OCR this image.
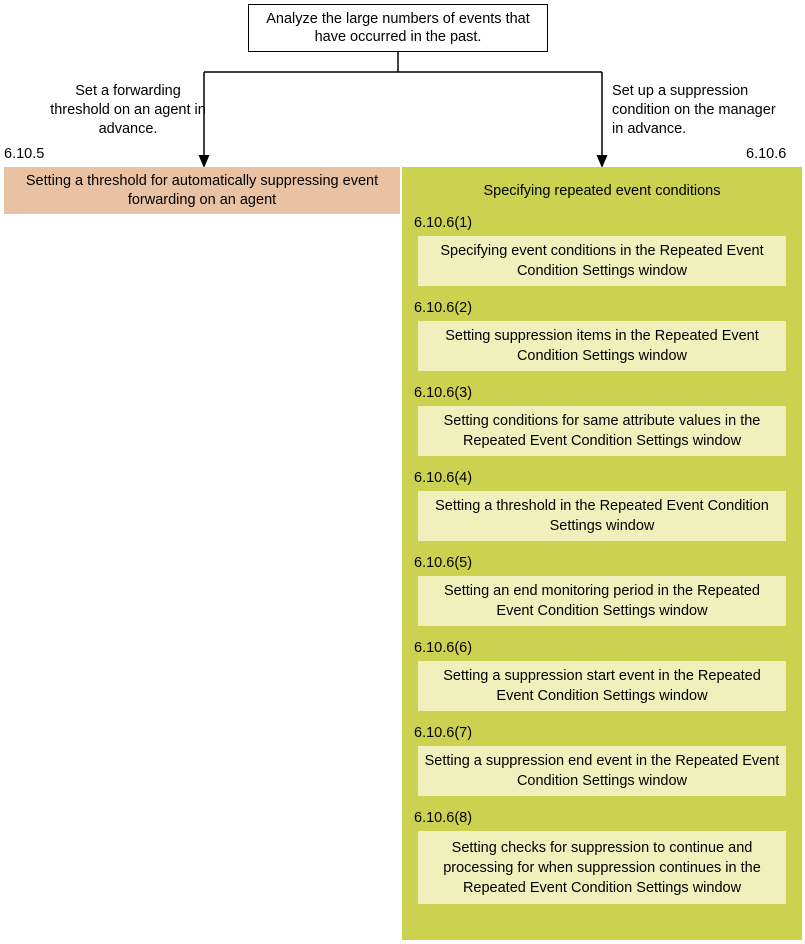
Analyze the large numbers of events that have occurred in the past.
Set a forwarding threshold on an agent in advance.
Set up a suppression condition on the manager in advance.
6.10.5	6.10.6
Setting a threshold for automatically suppressing event forwarding on an agent
Specifying repeated event conditions
6.10.6(1)
Specifying event conditions in the Repeated Event Condition Settings window
6.10.6(2)
Setting suppression items in the Repeated Event Condition Settings window
6.10.6(3)
Setting conditions for same attribute values in the Repeated Event Condition Settings window
6.10.6(4)
Setting a threshold in the Repeated Event Condition Settings window
6.10.6(5)
Setting an end monitoring period in the Repeated Event Condition Settings window
6.10.6(6)
Setting a suppression start event in the Repeated Event Condition Settings window
6.10.6(7)
Setting a suppression end event in the Repeated Event Condition Settings window
6.10.6(8)
Setting checks for suppression to continue and processing for when suppression continues in the Repeated Event Condition Settings window
